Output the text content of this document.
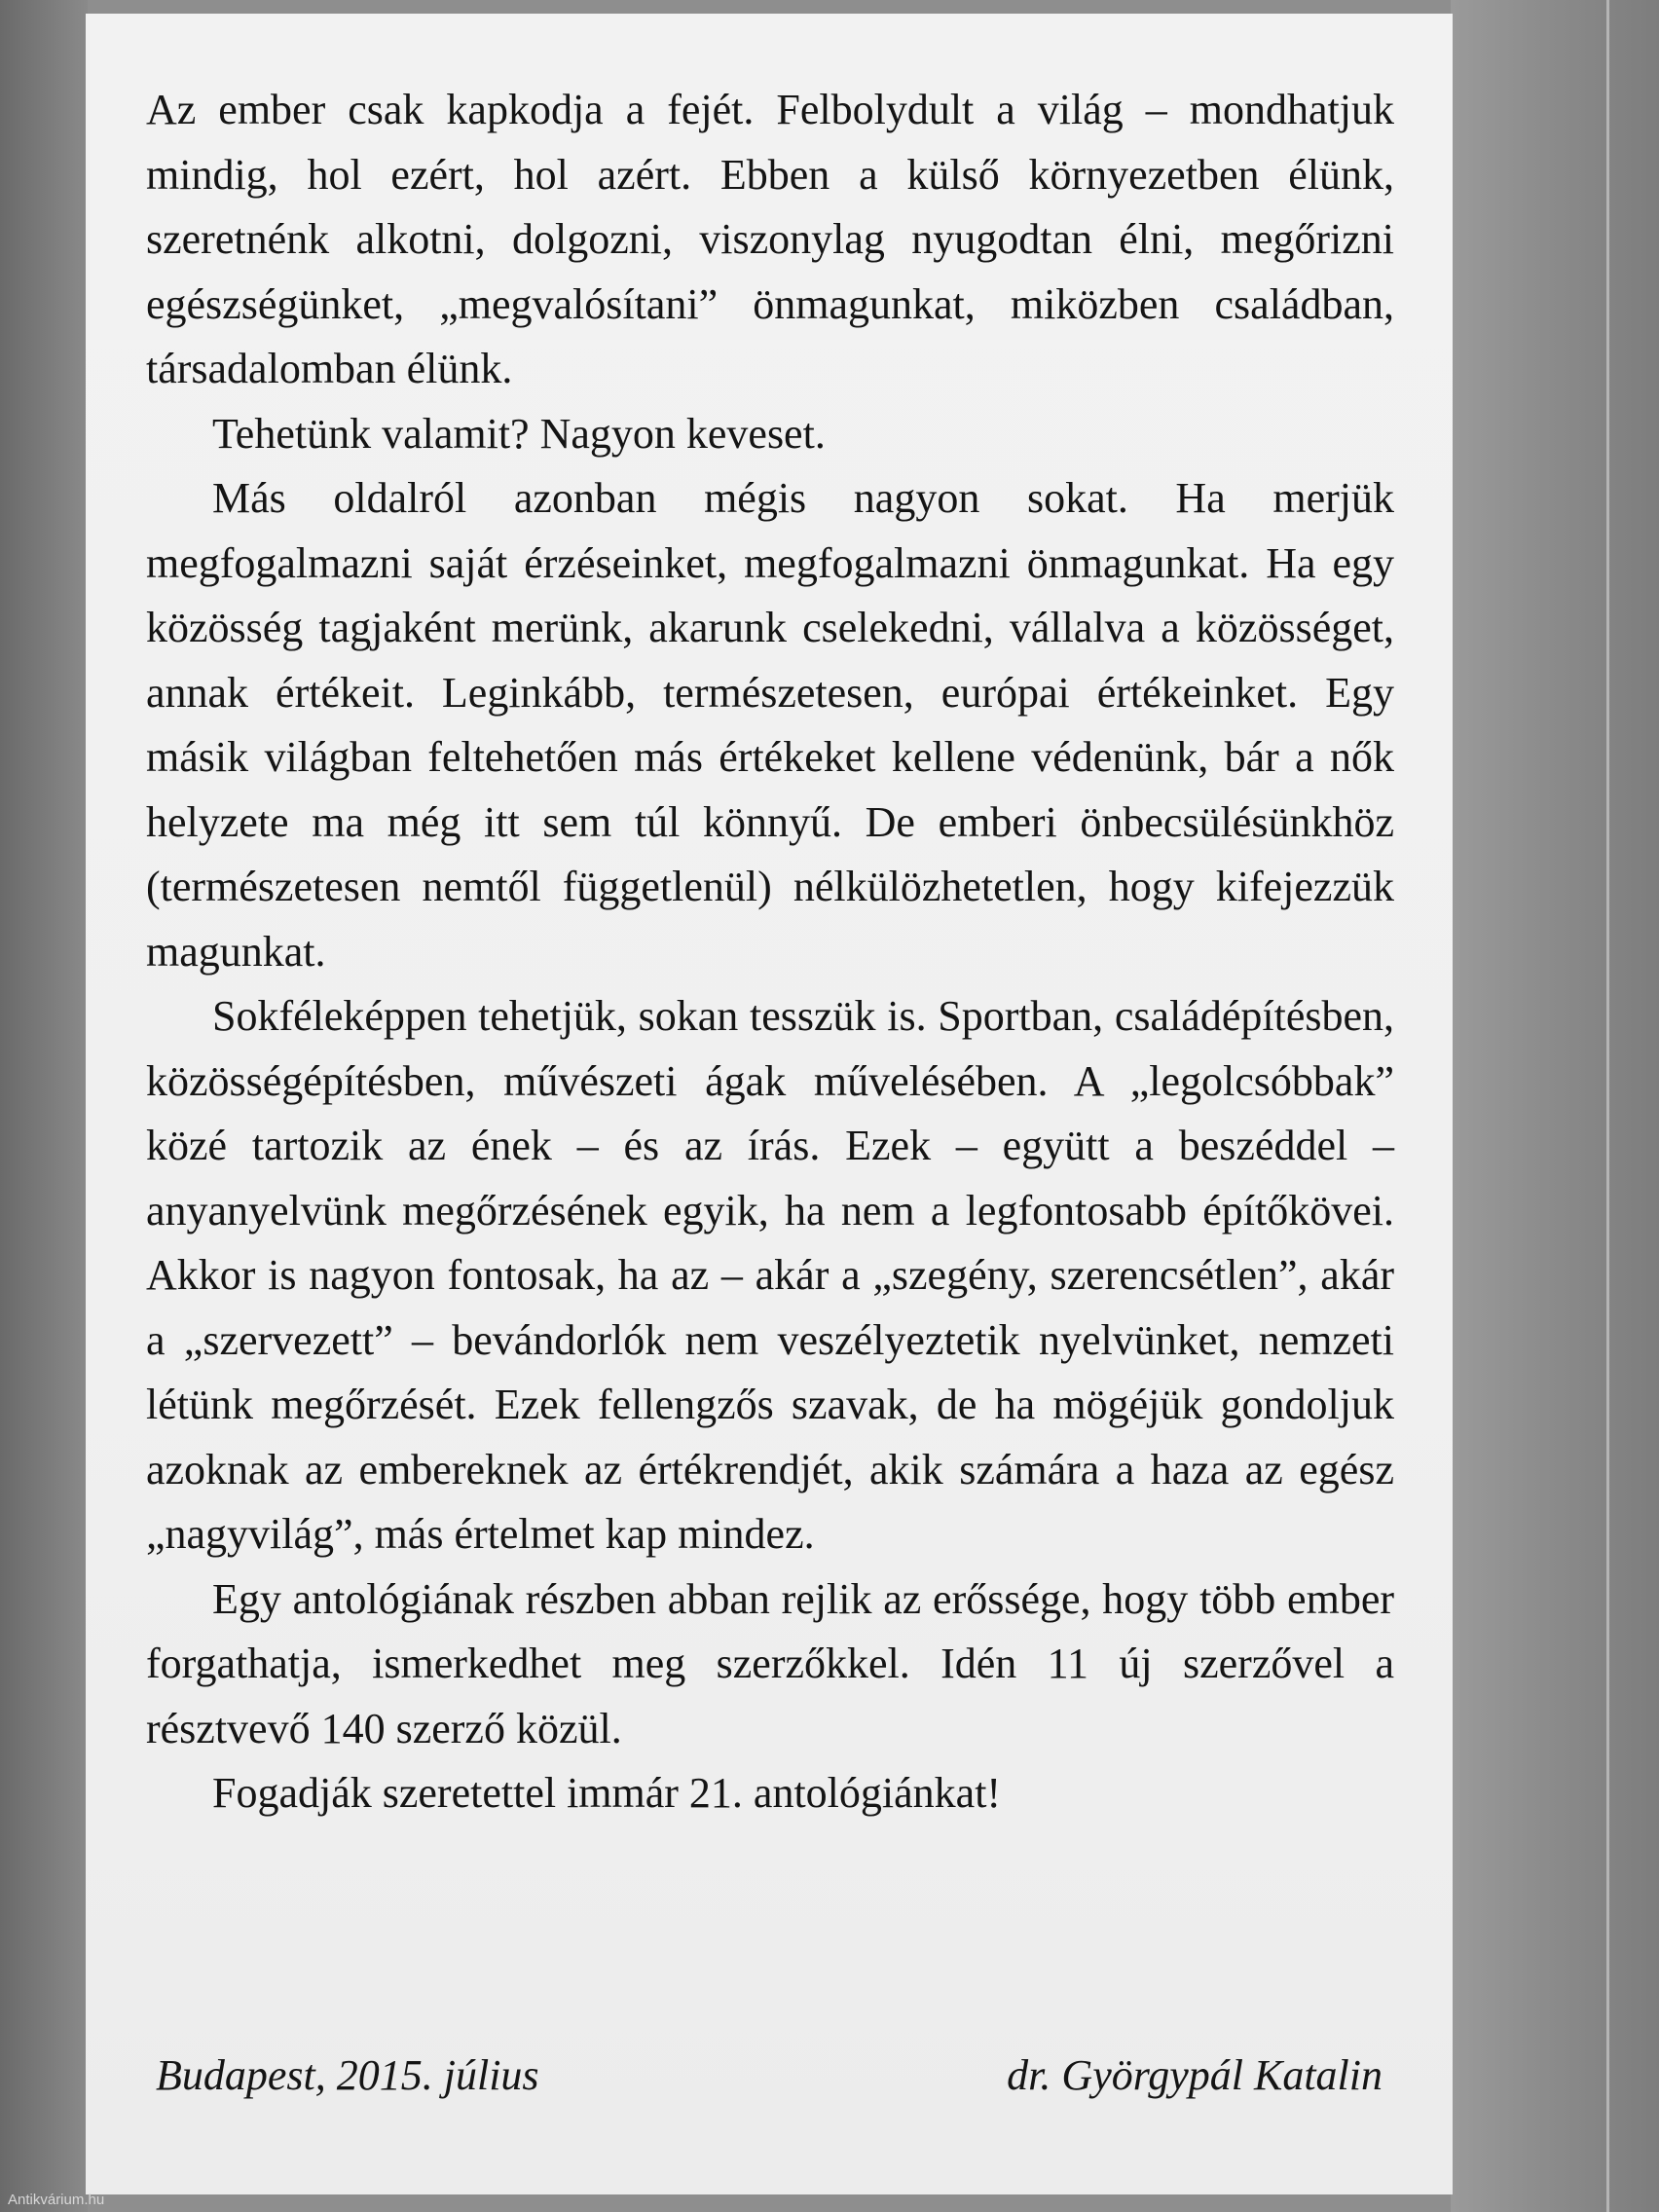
Az ember csak kapkodja a fejét. Felbolydult a világ – mondhatjuk mindig, hol ezért, hol azért. Ebben a külső környezetben élünk, szeretnénk alkotni, dolgozni, viszonylag nyugodtan élni, megőrizni egészségünket, „megvalósítani” önmagunkat, miközben családban, társadalomban élünk.

Tehetünk valamit? Nagyon keveset.

Más oldalról azonban mégis nagyon sokat. Ha merjük megfogalmazni saját érzéseinket, megfogalmazni önmagunkat. Ha egy közösség tagjaként merünk, akarunk cselekedni, vállalva a közösséget, annak értékeit. Leginkább, természetesen, európai értékeinket. Egy másik világban feltehetően más értékeket kellene védenünk, bár a nők helyzete ma még itt sem túl könnyű. De emberi önbecsülésünkhöz (természetesen nemtől függetlenül) nélkülözhetetlen, hogy kifejezzük magunkat.

Sokféleképpen tehetjük, sokan tesszük is. Sportban, családépítésben, közösségépítésben, művészeti ágak művelésében. A „legolcsóbbak” közé tartozik az ének – és az írás. Ezek – együtt a beszéddel – anyanyelvünk megőrzésének egyik, ha nem a legfontosabb építőkövei. Akkor is nagyon fontosak, ha az – akár a „szegény, szerencsétlen”, akár a „szervezett” – bevándorlók nem veszélyeztetik nyelvünket, nemzeti létünk megőrzését. Ezek fellengzős szavak, de ha mögéjük gondoljuk azoknak az embereknek az értékrendjét, akik számára a haza az egész „nagyvilág”, más értelmet kap mindez.

Egy antológiának részben abban rejlik az erőssége, hogy több ember forgathatja, ismerkedhet meg szerzőkkel. Idén 11 új szerzővel a résztvevő 140 szerző közül.

Fogadják szeretettel immár 21. antológiánkat!

Budapest, 2015. július	dr. Györgypál Katalin
Antikvárium.hu
